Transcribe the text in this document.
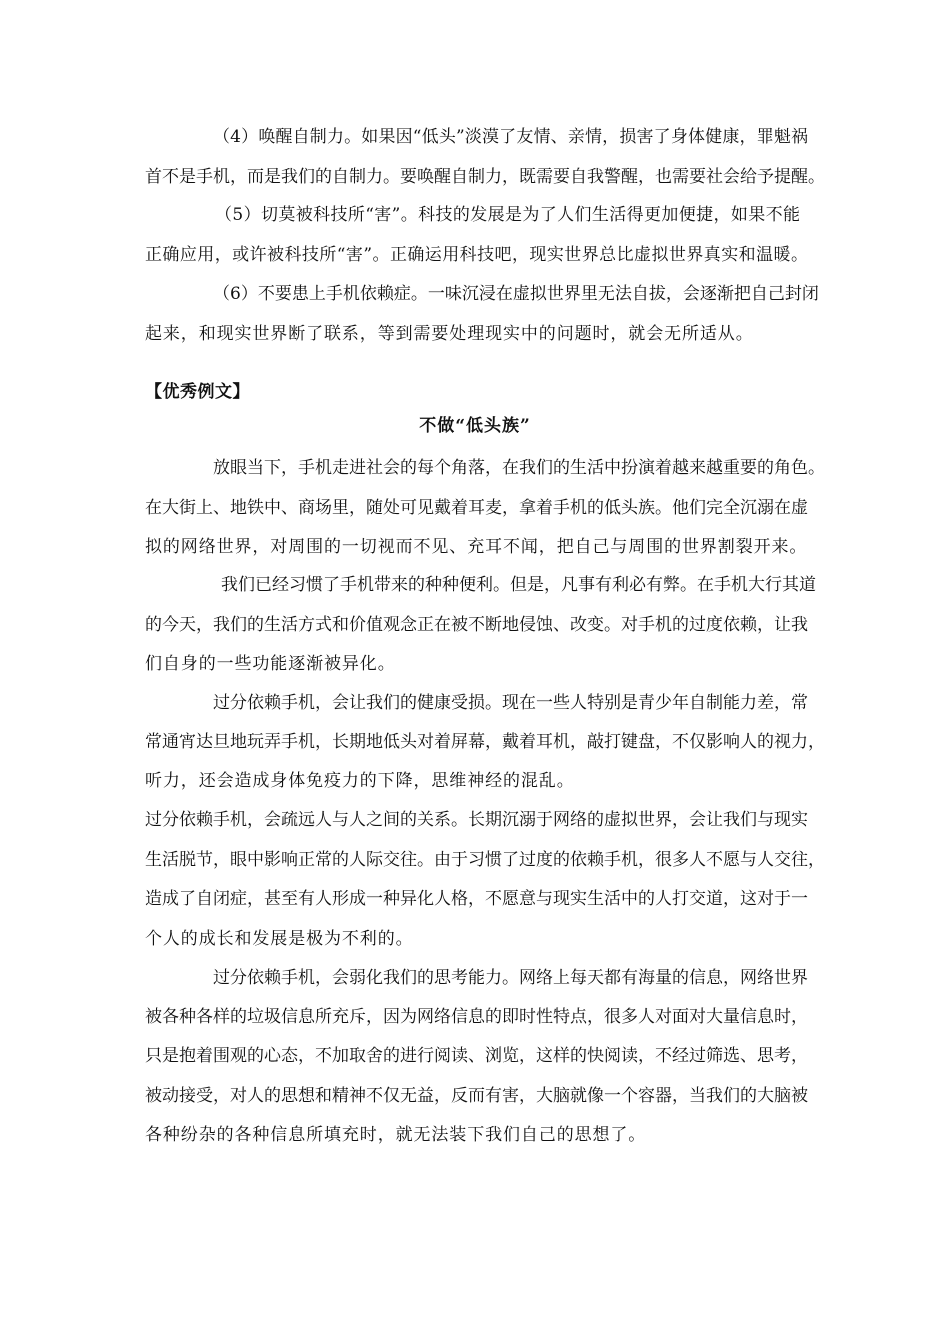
（4）唤醒自制力。如果因“低头”淡漠了友情、亲情，损害了身体健康，罪魁祸
首不是手机，而是我们的自制力。要唤醒自制力，既需要自我警醒，也需要社会给予提醒。
（5）切莫被科技所“害”。科技的发展是为了人们生活得更加便捷，如果不能
正确应用，或许被科技所“害”。正确运用科技吧，现实世界总比虚拟世界真实和温暖。
（6）不要患上手机依赖症。一味沉浸在虚拟世界里无法自拔，会逐渐把自己封闭
起来，和现实世界断了联系，等到需要处理现实中的问题时，就会无所适从。
【优秀例文】
不做“低头族”
放眼当下，手机走进社会的每个角落，在我们的生活中扮演着越来越重要的角色。
在大街上、地铁中、商场里，随处可见戴着耳麦，拿着手机的低头族。他们完全沉溺在虚
拟的网络世界，对周围的一切视而不见、充耳不闻，把自己与周围的世界割裂开来。
我们已经习惯了手机带来的种种便利。但是，凡事有利必有弊。在手机大行其道
的今天，我们的生活方式和价值观念正在被不断地侵蚀、改变。对手机的过度依赖，让我
们自身的一些功能逐渐被异化。
过分依赖手机，会让我们的健康受损。现在一些人特别是青少年自制能力差，常
常通宵达旦地玩弄手机，长期地低头对着屏幕，戴着耳机，敲打键盘，不仅影响人的视力，
听力，还会造成身体免疫力的下降，思维神经的混乱。
过分依赖手机，会疏远人与人之间的关系。长期沉溺于网络的虚拟世界，会让我们与现实
生活脱节，眼中影响正常的人际交往。由于习惯了过度的依赖手机，很多人不愿与人交往，
造成了自闭症，甚至有人形成一种异化人格，不愿意与现实生活中的人打交道，这对于一
个人的成长和发展是极为不利的。
过分依赖手机，会弱化我们的思考能力。网络上每天都有海量的信息，网络世界
被各种各样的垃圾信息所充斥，因为网络信息的即时性特点，很多人对面对大量信息时，
只是抱着围观的心态，不加取舍的进行阅读、浏览，这样的快阅读，不经过筛选、思考，
被动接受，对人的思想和精神不仅无益，反而有害，大脑就像一个容器，当我们的大脑被
各种纷杂的各种信息所填充时，就无法装下我们自己的思想了。
